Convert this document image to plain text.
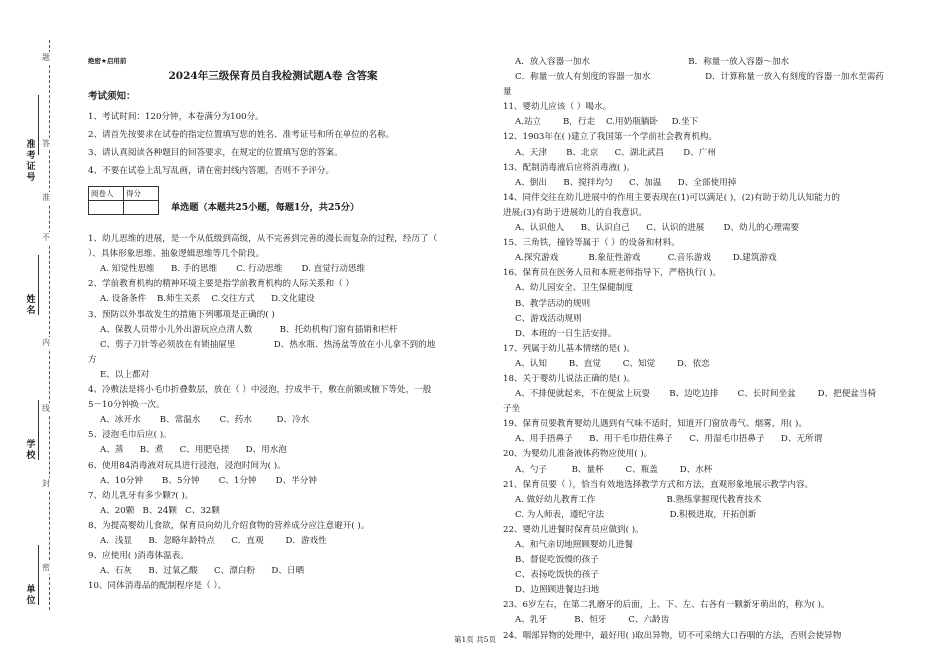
题
答
准
不
内
线
封
密
准考证号
姓名
学校
单位
绝密★启用前
2024年三级保育员自我检测试题A卷 含答案
考试须知：

1、考试时间：120分钟，本卷满分为100分。

2、请首先按要求在试卷的指定位置填写您的姓名、准考证号和所在单位的名称。

3、请认真阅读各种题目的回答要求，在规定的位置填写您的答案。

4、不要在试卷上乱写乱画，请在密封线内答题，否则不予评分。

阅卷人	得分

单选题（本题共25小题，每题1分，共25分）
1、幼儿思维的进展，是一个从低级到高级，从不完善到完善的漫长而复杂的过程，经历了（
）、具体形象思维、抽象逻辑思维等几个阶段。
A. 知觉性思维      B. 手的思维       C. 行动思维       D. 直觉行动思维
2、学前教育机构的精神环境主要是指学前教育机构的人际关系和（ ）
A. 设备条件    B.师生关系    C.交往方式      D.文化建设
3、预防以外事故发生的措施下列哪项是正确的( )
A、保教人员带小儿外出游玩应点清人数          B、托幼机构门窗有插销和栏杆
C、剪子刀针等必须放在有锁抽屉里              D、热水瓶、热汤盆等放在小儿拿不到的地
方
E、以上都对
4、冷敷法是将小毛巾折叠数层，放在（ ）中浸泡，拧成半干，敷在前额或腋下等处，一般
5－10分钟换一次。
A、冰开水       B、常温水       C、药水         D、冷水
5、浸泡毛巾后应( )。
A、蒸      B、煮      C、用肥皂搓      D、用水泡
6、使用84消毒液对玩具进行浸泡，浸泡时间为( )。
A、10分钟       B、5分钟       C、1分钟       D、半分钟
7、幼儿乳牙有多少颗?( )。
A、20颗   B、24颗   C、32颗
8、为提高婴幼儿食欲，保育员向幼儿介绍食物的营养成分应注意避开( )。
A．浅显      B．忽略年龄特点      C．直观        D．游戏性
9、应使用( )消毒体温表。
A、石灰      B、过氧乙酸      C、漂白粉      D、日晒
10、同体消毒品的配制程序是（ ）。
A．放入容器一加水                                    B．称量一放入容器～加水
C．称量一放人有刻度的容器一加水                    D．计算称量一放入有刻度的容器一加水至需药
量
11、婴幼儿应该（ ）喝水。
A.站立        B，行走    C.用奶瓶躺卧     D.坐下
12、1903年在( )建立了我国第一个学前社会教育机构。
A、天津       B、北京      C、湖北武昌       D、广州
13、配制消毒液后应将消毒液( )。
A、倒出      B、搅拌均匀      C、加温      D、全部使用掉
14、同伴交往在幼儿进展中的作用主要表现在(1)可以满足( )，(2)有助于幼儿认知能力的
进展;(3)有助于进展幼儿的自我意识。
A、认识他人      B、认识自己      C、认识的进展       D、幼儿的心理需要
15、三角铁，撞铃等属于（ ）的设备和材料。
A.探究游戏           B.象征性游戏          C.音乐游戏        D.建筑游戏
16、保育员在医务人员和本班老师指导下，严格执行( )。
A、幼儿园安全、卫生保健制度
B、教学活动的规则
C、游戏活动规则
D、本班的一日生活安排。
17、列属于幼儿基本情绪的是( )。
A、认知        B、直觉        C、知觉        D、依恋
18、关于婴幼儿说法正确的是( )。
A、不排便就起来，不在便盆上玩耍       B、边吃边排       C、长时间坐盆        D、把便盆当椅
子坐
19、保育员要教育婴幼儿遇到有气味不适时，知道开门窗放毒气、烟雾，用( )。
A、用手捂鼻子      B、用干毛巾捂住鼻子      C、用湿毛巾捂鼻子      D、无所谓
20、为婴幼儿准备液体药物应使用( )。
A、勺子         B、量杯        C、瓶盖        D、水杯
21、保育员要（ ），恰当有效地选择教学方式和方法，直观形象地展示教学内容。
A. 做好幼儿教育工作                          B.熟练掌握现代教育技术
C. 为人师表，遵纪守法                        D.积极进取，开拓创新
22、婴幼儿进餐时保育员应做到( )。
A、和气亲切地照顾婴幼儿进餐
B、督促吃饭慢的孩子
C、表扬吃饭快的孩子
D、边照顾进餐边扫地
23、6岁左右，在第二乳磨牙的后面，上、下、左、右各有一颗新牙萌出的，称为( )。
A、乳牙          B、恒牙        C、六龄齿
24、咽部异物的处理中，最好用( )取出异物，切不可采纳大口吞咽的方法，否则会使异物
第1页 共5页
